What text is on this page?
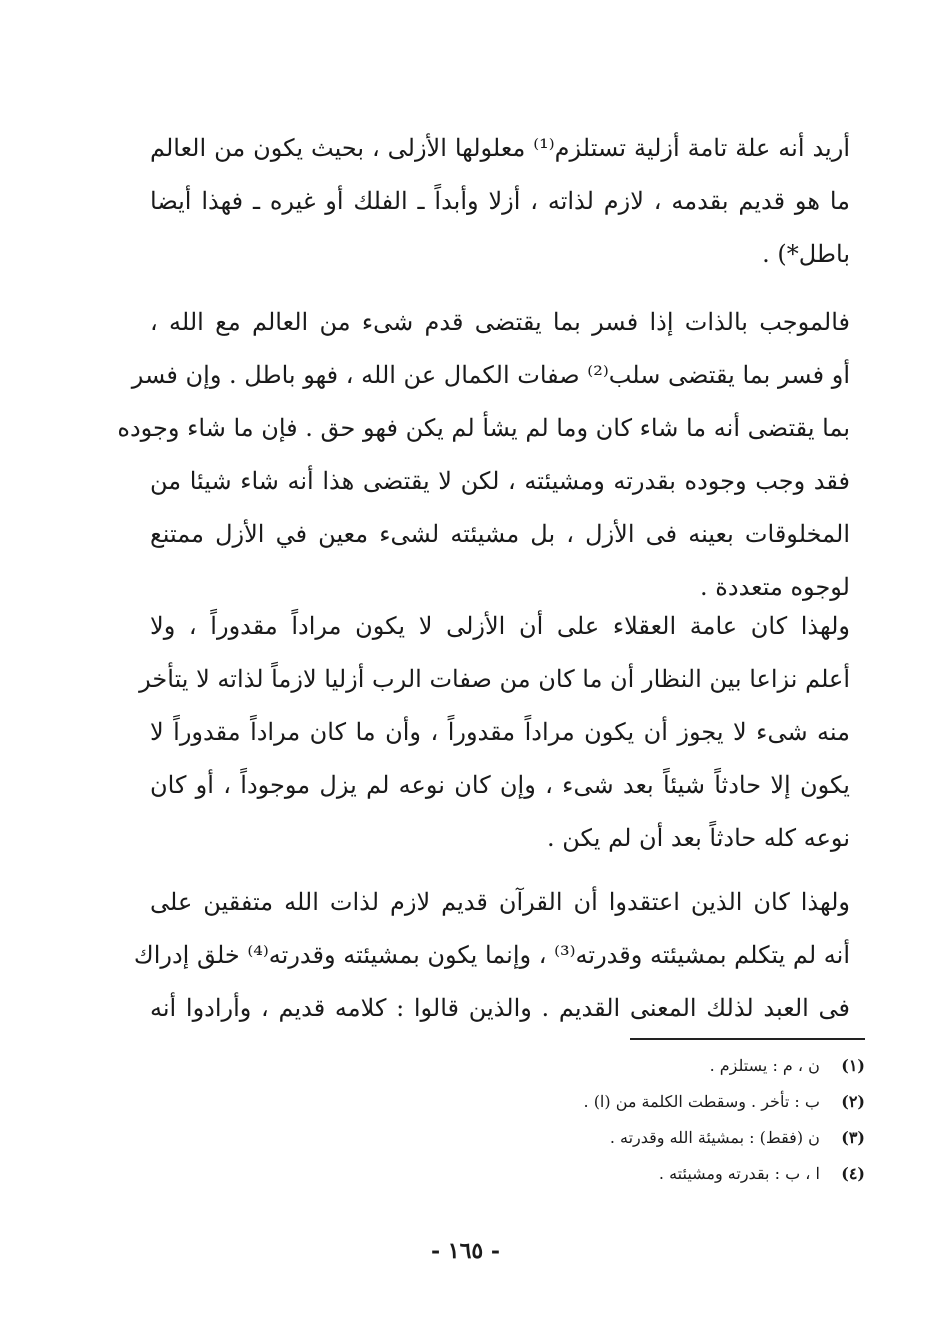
أريد أنه علة تامة أزلية تستلزم⁽¹⁾ معلولها الأزلى ، بحيث يكون من العالم
ما هو قديم بقدمه ، لازم لذاته ، أزلا وأبداً ـ الفلك أو غيره ـ فهذا أيضا
باطل*) .
فالموجب بالذات إذا فسر بما يقتضى قدم شىء من العالم مع الله ،
أو فسر بما يقتضى سلب⁽²⁾ صفات الكمال عن الله ، فهو باطل . وإن فسر
بما يقتضى أنه ما شاء كان وما لم يشأ لم يكن فهو حق . فإن ما شاء وجوده
فقد وجب وجوده بقدرته ومشيئته ، لكن لا يقتضى هذا أنه شاء شيئا من
المخلوقات بعينه فى الأزل ، بل مشيئته لشىء معين في الأزل ممتنع
لوجوه متعددة .
ولهذا كان عامة العقلاء على أن الأزلى لا يكون مراداً مقدوراً ، ولا
أعلم نزاعا بين النظار أن ما كان من صفات الرب أزليا لازماً لذاته لا يتأخر
منه شىء لا يجوز أن يكون مراداً مقدوراً ، وأن ما كان مراداً مقدوراً لا
يكون إلا حادثاً شيئاً بعد شىء ، وإن كان نوعه لم يزل موجوداً ، أو كان
نوعه كله حادثاً بعد أن لم يكن .
ولهذا كان الذين اعتقدوا أن القرآن قديم لازم لذات الله متفقين على
أنه لم يتكلم بمشيئته وقدرته⁽³⁾ ، وإنما يكون بمشيئته وقدرته⁽⁴⁾ خلق إدراك
فى العبد لذلك المعنى القديم . والذين قالوا : كلامه قديم ، وأرادوا أنه
(١) ن ، م : يستلزم .
(٢) ب : تأخر . وسقطت الكلمة من (ا) .
(٣) ن (فقط) : بمشيئة الله وقدرته .
(٤) ا ، ب : بقدرته ومشيئته .
- ١٦٥ -
